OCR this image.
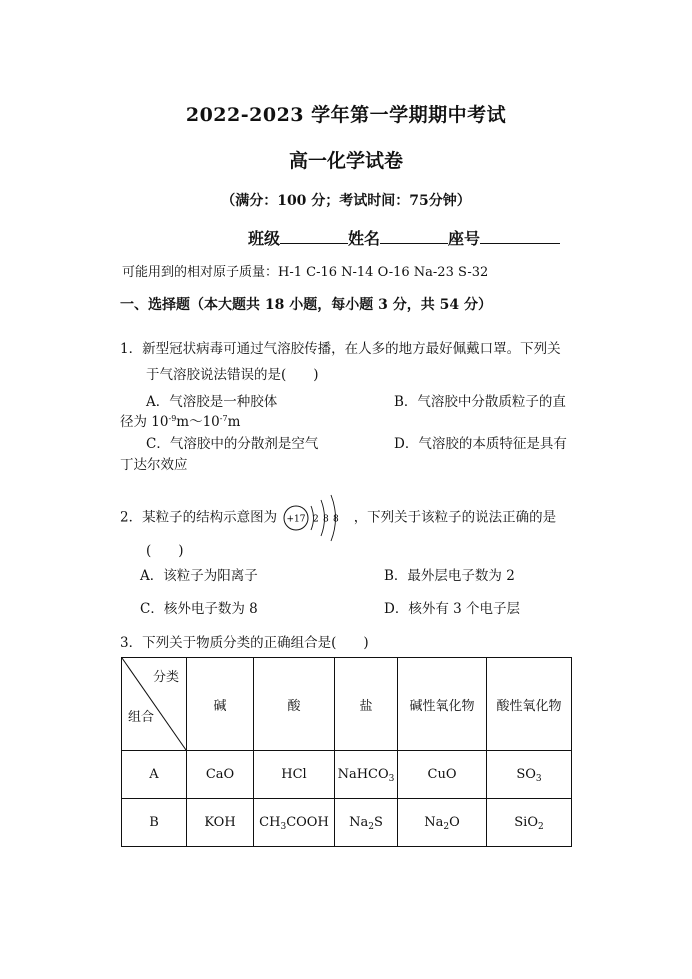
2022-2023 学年第一学期期中考试
高一化学试卷
（满分：100 分；考试时间：75分钟）
班级	姓名	座号
可能用到的相对原子质量：H-1 C-16 N-14 O-16 Na-23 S-32
一、选择题（本大题共 18 小题，每小题 3 分，共 54 分）
1．新型冠状病毒可通过气溶胶传播，在人多的地方最好佩戴口罩。下列关
于气溶胶说法错误的是(　　)
A．气溶胶是一种胶体	B．气溶胶中分散质粒子的直
径为 $10^{-9}m\sim 10^{-7}m$
C．气溶胶中的分散剂是空气	D．气溶胶的本质特征是具有
丁达尔效应
2．某粒子的结构示意图为 +17 2 8 8 ，下列关于该粒子的说法正确的是
(　　)
A．该粒子为阳离子	B．最外层电子数为 2
C．核外电子数为 8	D．核外有 3 个电子层
3．下列关于物质分类的正确组合是(　　)
分类
组合	碱	酸	盐	碱性氧化物	酸性氧化物
A	CaO	HCl	NaHCO$_3$	CuO	$SO_3$
B	KOH	$CH_3COOH$	$Na_2S$	$Na_2O$	SiO$_2$
